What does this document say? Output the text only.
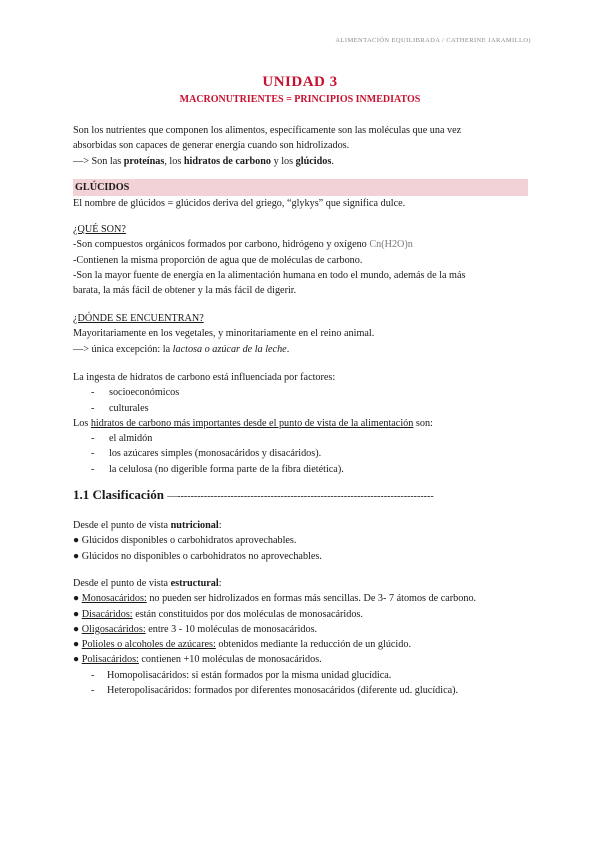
ALIMENTACIÓN EQUILIBRADA / CATHERINE JARAMILLO)
UNIDAD 3
MACRONUTRIENTES = PRINCIPIOS INMEDIATOS

Son los nutrientes que componen los alimentos, específicamente son las moléculas que una vez

absorbidas son capaces de generar energía cuando son hidrolizados.

—> Son las proteínas, los hidratos de carbono y los glúcidos.

GLÚCIDOS

El nombre de glúcidos = glúcidos deriva del griego, “glykys” que significa dulce.

¿QUÉ SON?

-Son compuestos orgánicos formados por carbono, hidrógeno y oxígeno Cn(H2O)n

-Contienen la misma proporción de agua que de moléculas de carbono.

-Son la mayor fuente de energía en la alimentación humana en todo el mundo, además de la más

barata, la más fácil de obtener y la más fácil de digerir.

¿DÓNDE SE ENCUENTRAN?

Mayoritariamente en los vegetales, y minoritariamente en el reino animal.

—> única excepción: la lactosa o azúcar de la leche.

La ingesta de hidratos de carbono está influenciada por factores:

- socioeconómicos
- culturales

Los hidratos de carbono más importantes desde el punto de vista de la alimentación son:

- el almidón
- los azúcares simples (monosacáridos y disacáridos).
- la celulosa (no digerible forma parte de la fibra dietética).

1.1 Clasificación —-----------------------------------------------------------------------------

Desde el punto de vista nutricional:

● Glúcidos disponibles o carbohidratos aprovechables.

● Glúcidos no disponibles o carbohidratos no aprovechables.

Desde el punto de vista estructural:

● Monosacáridos: no pueden ser hidrolizados en formas más sencillas. De 3- 7 átomos de carbono.

● Disacáridos: están constituidos por dos moléculas de monosacáridos.

● Oligosacáridos: entre 3 - 10 moléculas de monosacáridos.

● Polioles o alcoholes de azúcares: obtenidos mediante la reducción de un glúcido.

● Polisacáridos: contienen +10 moléculas de monosacáridos.

- Homopolisacáridos: si están formados por la misma unidad glucídica.
- Heteropolisacáridos: formados por diferentes monosacáridos (diferente ud. glucídica).
